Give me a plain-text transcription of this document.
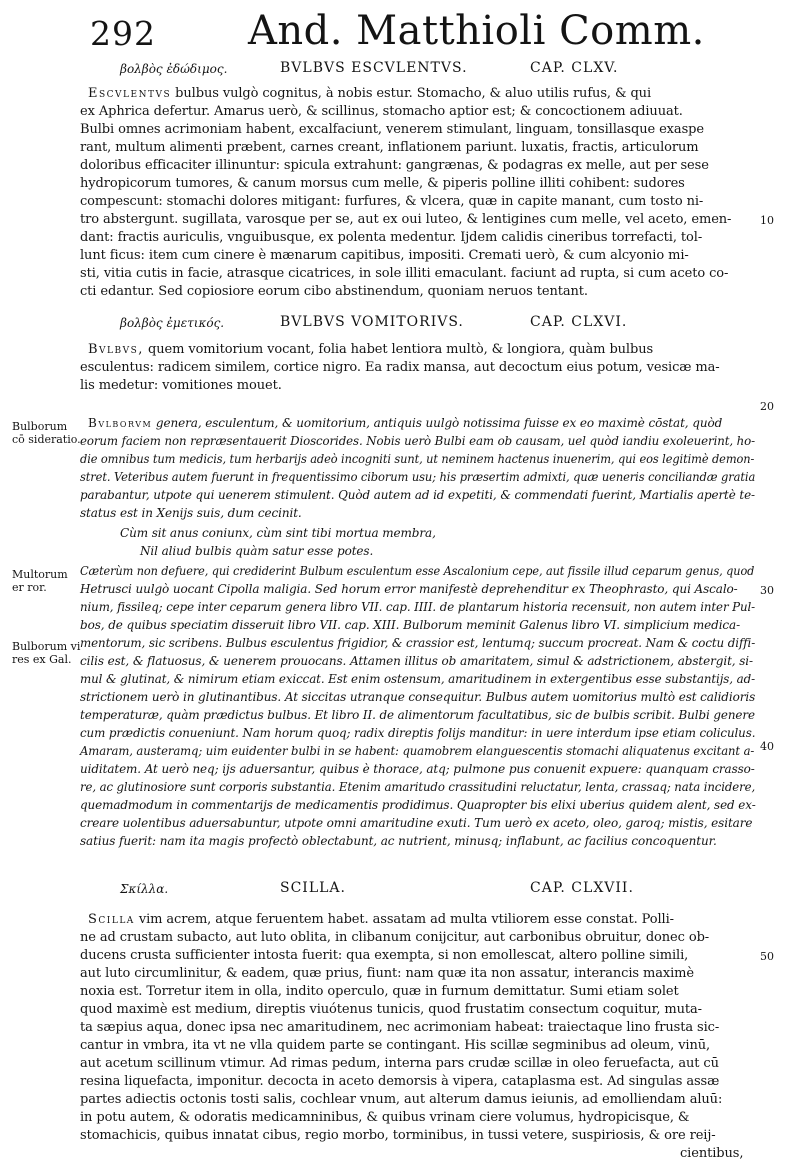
292 And. Matthioli Comm.
βολβὸς ἐδώδιμος.	BVLBVS ESCVLENTVS.	CAP. CLXV.
Escvlentvs bulbus vulgò cognitus, à nobis estur. Stomacho, & aluo utilis rufus, & qui
ex Aphrica defertur. Amarus uerò, & scillinus, stomacho aptior est; & concoctionem adiuuat.
Bulbi omnes acrimoniam habent, excalfaciunt, venerem stimulant, linguam, tonsillasque exaspe
rant, multum alimenti præbent, carnes creant, inflationem pariunt. luxatis, fractis, articulorum
doloribus efficaciter illinuntur: spicula extrahunt: gangrænas, & podagras ex melle, aut per sese
hydropicorum tumores, & canum morsus cum melle, & piperis polline illiti cohibent: sudores
compescunt: stomachi dolores mitigant: furfures, & vlcera, quæ in capite manant, cum tosto ni-
tro abstergunt. sugillata, varosque per se, aut ex oui luteo, & lentigines cum melle, vel aceto, emen-
dant: fractis auriculis, vnguibusque, ex polenta medentur. Ijdem calidis cineribus torrefacti, tol-
lunt ficus: item cum cinere è mænarum capitibus, impositi. Cremati uerò, & cum alcyonio mi-
sti, vitia cutis in facie, atrasque cicatrices, in sole illiti emaculant. faciunt ad rupta, si cum aceto co-
cti edantur. Sed copiosiore eorum cibo abstinendum, quoniam neruos tentant.
βολβὸς ἐμετικός.	BVLBVS VOMITORIVS.	CAP. CLXVI.
Bvlbvs, quem vomitorium vocant, folia habet lentiora multò, & longiora, quàm bulbus
esculentus: radicem similem, cortice nigro. Ea radix mansa, aut decoctum eius potum, vesicæ ma-
lis medetur: vomitiones mouet.
Bvlborvm genera, esculentum, & uomitorium, antiquis uulgò notissima fuisse ex eo maximè cōstat, quòd
eorum faciem non repræsentauerit Dioscorides. Nobis uerò Bulbi eam ob causam, uel quòd iandiu exoleuerint, ho-
die omnibus tum medicis, tum herbarijs adeò incogniti sunt, ut neminem hactenus inuenerim, qui eos legitimè demon-
stret. Veteribus autem fuerunt in frequentissimo ciborum usu; his præsertim admixti, quæ ueneris conciliandæ gratia
parabantur, utpote qui uenerem stimulent. Quòd autem ad id expetiti, & commendati fuerint, Martialis apertè te-
status est in Xenijs suis, dum cecinit.
Cùm sit anus coniunx, cùm sint tibi mortua membra,
Nil aliud bulbis quàm satur esse potes.
Cæterùm non defuere, qui crediderint Bulbum esculentum esse Ascalonium cepe, aut fissile illud ceparum genus, quod
Hetrusci uulgò uocant Cipolla maligia. Sed horum error manifestè deprehenditur ex Theophrasto, qui Ascalo-
nium, fissileq; cepe inter ceparum genera libro VII. cap. IIII. de plantarum historia recensuit, non autem inter Pul-
bos, de quibus speciatim disseruit libro VII. cap. XIII. Bulborum meminit Galenus libro VI. simplicium medica-
mentorum, sic scribens. Bulbus esculentus frigidior, & crassior est, lentumq; succum procreat. Nam & coctu diffi-
cilis est, & flatuosus, & uenerem prouocans. Attamen illitus ob amaritatem, simul & adstrictionem, abstergit, si-
mul & glutinat, & nimirum etiam exiccat. Est enim ostensum, amaritudinem in extergentibus esse substantijs, ad-
strictionem uerò in glutinantibus. At siccitas utranque consequitur. Bulbus autem uomitorius multò est calidioris
temperaturæ, quàm prædictus bulbus. Et libro II. de alimentorum facultatibus, sic de bulbis scribit. Bulbi genere
cum prædictis conueniunt. Nam horum quoq; radix direptis folijs manditur: in uere interdum ipse etiam coliculus.
Amaram, austeramq; uim euidenter bulbi in se habent: quamobrem elanguescentis stomachi aliquatenus excitant a-
uiditatem. At uerò neq; ijs aduersantur, quibus è thorace, atq; pulmone pus conuenit expuere: quanquam crasso-
re, ac glutinosiore sunt corporis substantia. Etenim amaritudo crassitudini reluctatur, lenta, crassaq; nata incidere,
quemadmodum in commentarijs de medicamentis prodidimus. Quapropter bis elixi uberius quidem alent, sed ex-
creare uolentibus aduersabuntur, utpote omni amaritudine exuti. Tum uerò ex aceto, oleo, garoq; mistis, esitare
satius fuerit: nam ita magis profectò oblectabunt, ac nutrient, minusq; inflabunt, ac facilius concoquentur.
Σκίλλα.	SCILLA.	CAP. CLXVII.
Scilla vim acrem, atque feruentem habet. assatam ad multa vtiliorem esse constat. Polli-
ne ad crustam subacto, aut luto oblita, in clibanum conijcitur, aut carbonibus obruitur, donec ob-
ducens crusta sufficienter intosta fuerit: qua exempta, si non emollescat, altero polline simili,
aut luto circumlinitur, & eadem, quæ prius, fiunt: nam quæ ita non assatur, interancis maximè
noxia est. Torretur item in olla, indito operculo, quæ in furnum demittatur. Sumi etiam solet
quod maximè est medium, direptis viuótenus tunicis, quod frustatim consectum coquitur, muta-
ta sæpius aqua, donec ipsa nec amaritudinem, nec acrimoniam habeat: traiectaque lino frusta sic-
cantur in vmbra, ita vt ne vlla quidem parte se contingant. His scillæ segminibus ad oleum, vinū,
aut acetum scillinum vtimur. Ad rimas pedum, interna pars crudæ scillæ in oleo feruefacta, aut cū
resina liquefacta, imponitur. decocta in aceto demorsis à vipera, cataplasma est. Ad singulas assæ
partes adiectis octonis tosti salis, cochlear vnum, aut alterum damus ieiunis, ad emolliendam aluū:
in potu autem, & odoratis medicamninibus, & quibus vrinam ciere volumus, hydropicisque, &
stomachicis, quibus innatat cibus, regio morbo, torminibus, in tussi vetere, suspiriosis, & ore reij-
cientibus,
Bulborum cō sideratio.
Multorum er ror.
Bulborum vi res ex Gal.
10
20
30
40
50
